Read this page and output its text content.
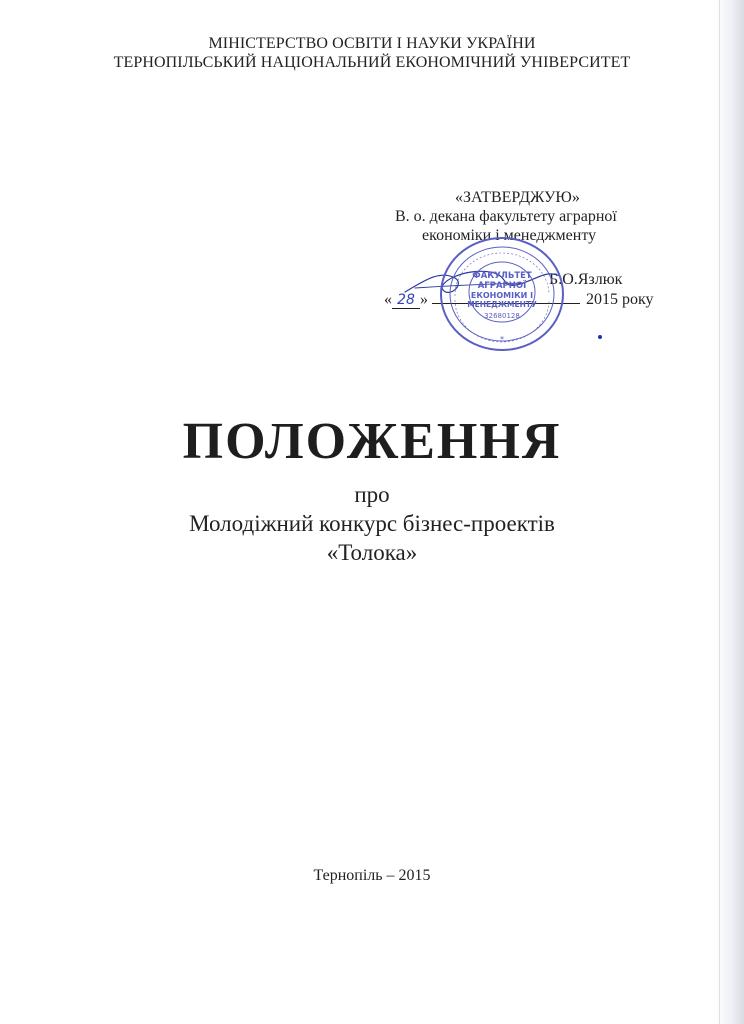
МІНІСТЕРСТВО ОСВІТИ І НАУКИ УКРАЇНИ
ТЕРНОПІЛЬСЬКИЙ НАЦІОНАЛЬНИЙ ЕКОНОМІЧНИЙ УНІВЕРСИТЕТ
«ЗАТВЕРДЖУЮ»
В. о. декана факультету аграрної
економіки і менеджменту
Б.О.Язлюк
« 28 »	2015 року
ФАКУЛЬТЕТ
АГРАРНОЇ
ЕКОНОМІКИ І
МЕНЕДЖМЕНТУ
32680128
*
ПОЛОЖЕННЯ
про
Молодіжний конкурс бізнес-проектів
«Толока»
Тернопіль – 2015
